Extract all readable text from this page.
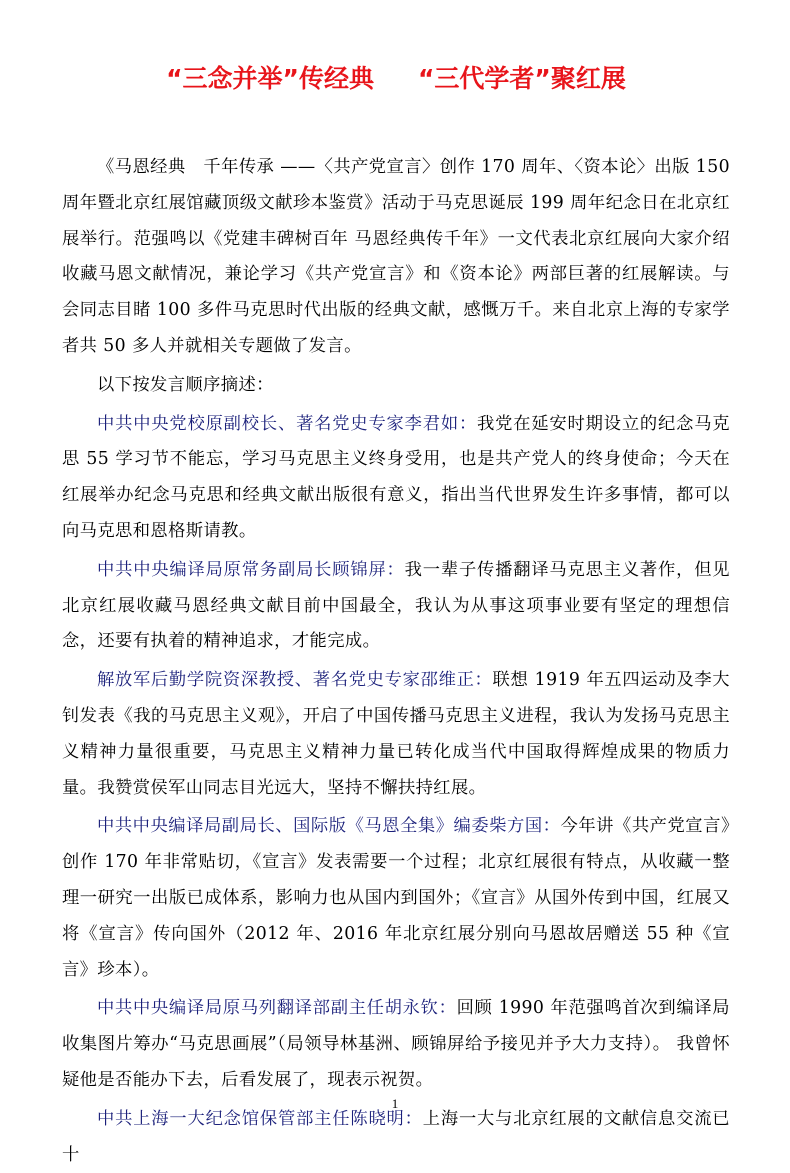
“三念并举”传经典 “三代学者”聚红展

《马恩经典　千年传承 ——〈共产党宣言〉创作 170 周年、〈资本论〉出版 150 周年暨北京红展馆藏顶级文献珍本鉴赏》活动于马克思诞辰 199 周年纪念日在北京红展举行。范强鸣以《党建丰碑树百年 马恩经典传千年》一文代表北京红展向大家介绍收藏马恩文献情况，兼论学习《共产党宣言》和《资本论》两部巨著的红展解读。与会同志目睹 100 多件马克思时代出版的经典文献，感慨万千。来自北京上海的专家学者共 50 多人并就相关专题做了发言。

以下按发言顺序摘述：

中共中央党校原副校长、著名党史专家李君如：我党在延安时期设立的纪念马克思 55 学习节不能忘，学习马克思主义终身受用，也是共产党人的终身使命；今天在红展举办纪念马克思和经典文献出版很有意义，指出当代世界发生许多事情，都可以向马克思和恩格斯请教。

中共中央编译局原常务副局长顾锦屏：我一辈子传播翻译马克思主义著作，但见北京红展收藏马恩经典文献目前中国最全，我认为从事这项事业要有坚定的理想信念，还要有执着的精神追求，才能完成。

解放军后勤学院资深教授、著名党史专家邵维正：联想 1919 年五四运动及李大钊发表《我的马克思主义观》，开启了中国传播马克思主义进程，我认为发扬马克思主义精神力量很重要，马克思主义精神力量已转化成当代中国取得辉煌成果的物质力量。我赞赏侯军山同志目光远大，坚持不懈扶持红展。

中共中央编译局副局长、国际版《马恩全集》编委柴方国：今年讲《共产党宣言》创作 170 年非常贴切，《宣言》发表需要一个过程；北京红展很有特点，从收藏一整理一研究一出版已成体系，影响力也从国内到国外；《宣言》从国外传到中国，红展又将《宣言》传向国外（2012 年、2016 年北京红展分别向马恩故居赠送 55 种《宣言》珍本）。

中共中央编译局原马列翻译部副主任胡永钦：回顾 1990 年范强鸣首次到编译局收集图片筹办“马克思画展”（局领导林基洲、顾锦屏给予接见并予大力支持）。 我曾怀疑他是否能办下去，后看发展了，现表示祝贺。

中共上海一大纪念馆保管部主任陈晓明：上海一大与北京红展的文献信息交流已十

1
